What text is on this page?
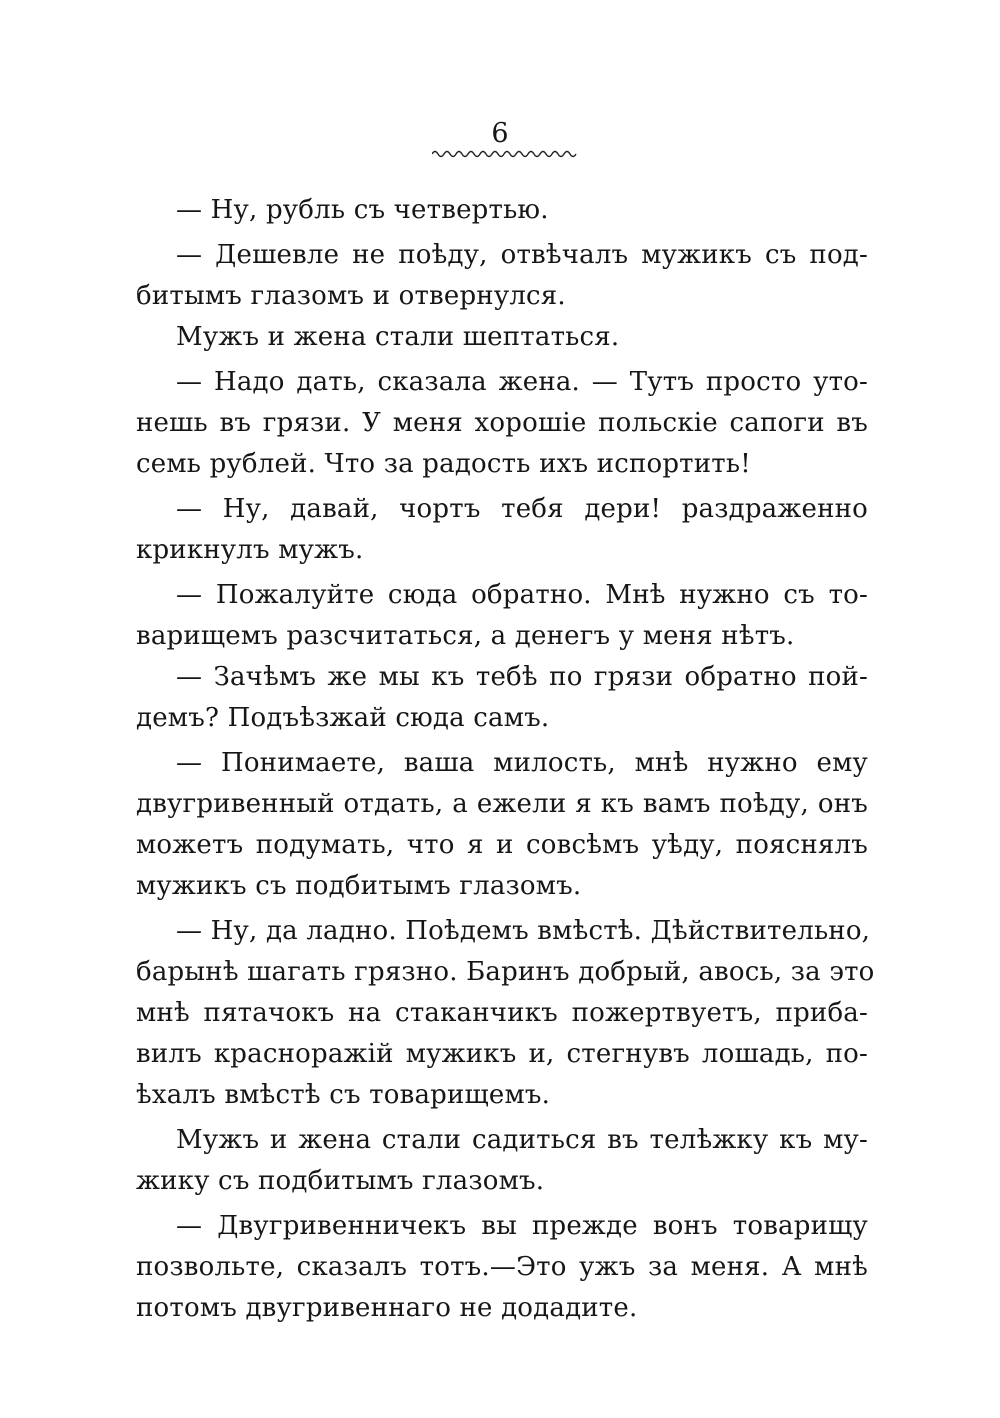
6
— Ну, рубль съ четвертью.
— Дешевле не поѣду, отвѣчалъ мужикъ съ под-
битымъ глазомъ и отвернулся.
Мужъ и жена стали шептаться.
— Надо дать, сказала жена. — Тутъ просто уто-
нешь въ грязи. У меня хорошіе польскіе сапоги въ
семь рублей. Что за радость ихъ испортить!
— Ну, давай, чортъ тебя дери! раздраженно
крикнулъ мужъ.
— Пожалуйте сюда обратно. Мнѣ нужно съ то-
варищемъ разсчитаться, а денегъ у меня нѣтъ.
— Зачѣмъ же мы къ тебѣ по грязи обратно пой-
демъ? Подъѣзжай сюда самъ.
— Понимаете, ваша милость, мнѣ нужно ему
двугривенный отдать, а ежели я къ вамъ поѣду, онъ
можетъ подумать, что я и совсѣмъ уѣду, пояснялъ
мужикъ съ подбитымъ глазомъ.
— Ну, да ладно. Поѣдемъ вмѣстѣ. Дѣйствительно,
барынѣ шагать грязно. Баринъ добрый, авось, за это
мнѣ пятачокъ на стаканчикъ пожертвуетъ, приба-
вилъ красноражій мужикъ и, стегнувъ лошадь, по-
ѣхалъ вмѣстѣ съ товарищемъ.
Мужъ и жена стали садиться въ телѣжку къ му-
жику съ подбитымъ глазомъ.
— Двугривенничекъ вы прежде вонъ товарищу
позвольте, сказалъ тотъ.—Это ужъ за меня. А мнѣ
потомъ двугривеннаго не додадите.
